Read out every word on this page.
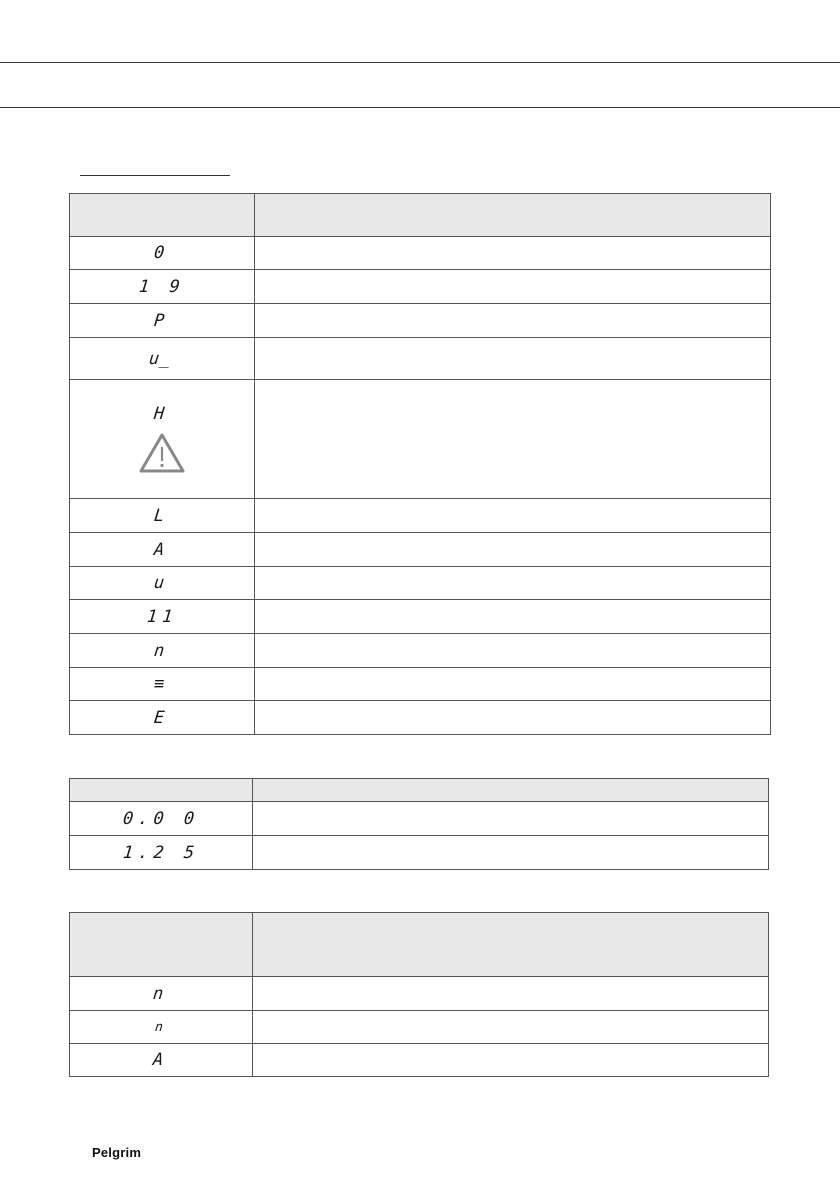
0	
1 9	
P	
u̲	

H	

L	
A	
u	
11	
n	
≡	
E	

0.0 0	
1.2 5	

n	
n	
A	
Pelgrim
